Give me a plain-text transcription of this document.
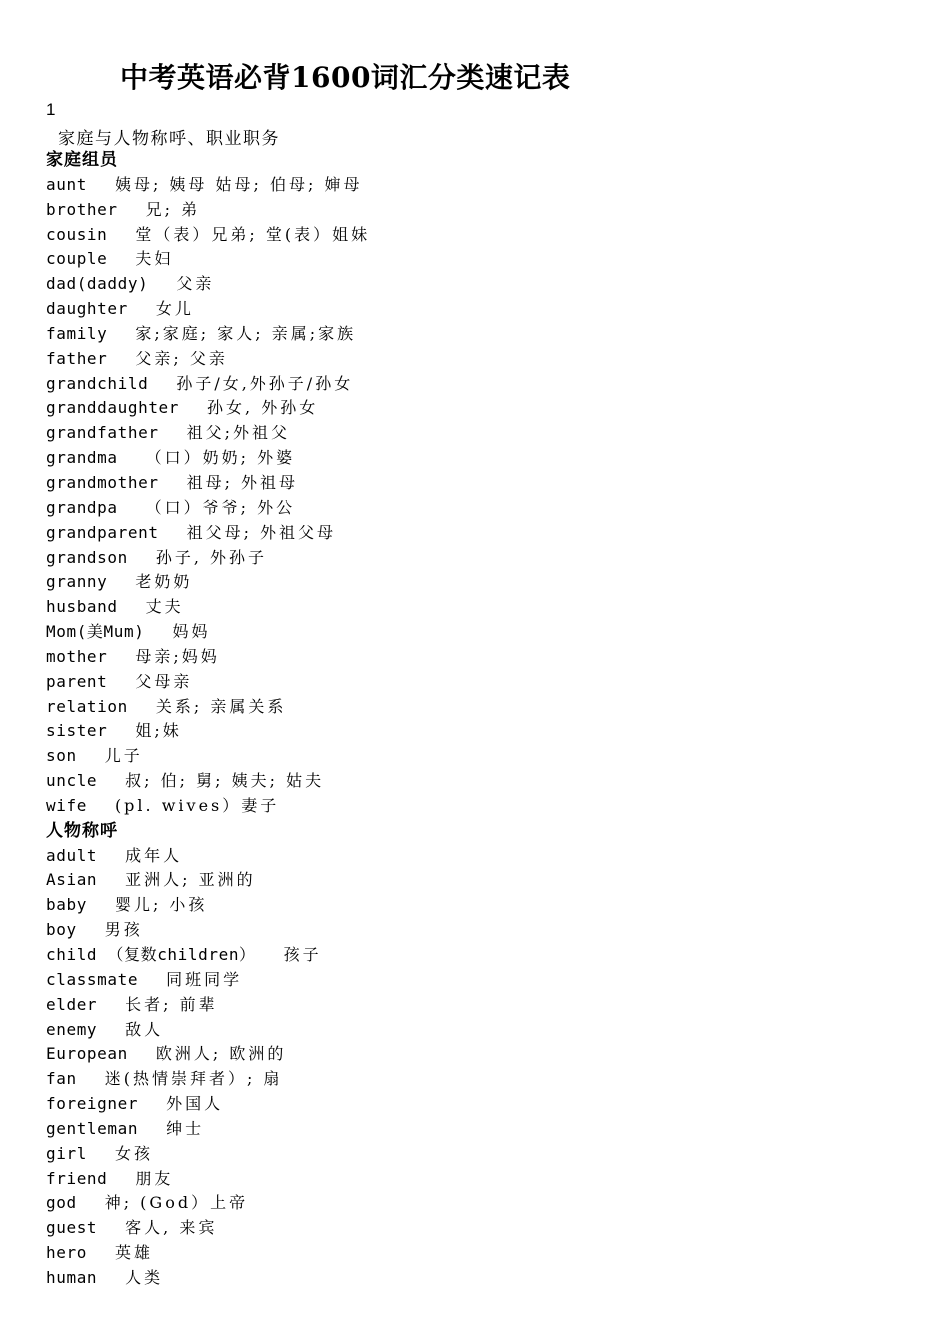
中考英语必背1600词汇分类速记表
1
家庭与人物称呼、职业职务
家庭组员
aunt 姨母; 姨母 姑母; 伯母; 婶母
brother 兄; 弟
cousin 堂（表）兄弟; 堂(表）姐妹
couple 夫妇
dad(daddy) 父亲
daughter 女儿
family 家;家庭; 家人; 亲属;家族
father 父亲; 父亲
grandchild 孙子/女,外孙子/孙女
granddaughter 孙女, 外孙女
grandfather 祖父;外祖父
grandma （口）奶奶; 外婆
grandmother 祖母; 外祖母
grandpa （口）爷爷; 外公
grandparent 祖父母; 外祖父母
grandson 孙子, 外孙子
granny 老奶奶
husband 丈夫
Mom(美Mum) 妈妈
mother 母亲;妈妈
parent 父母亲
relation 关系; 亲属关系
sister 姐;妹
son 儿子
uncle 叔; 伯; 舅; 姨夫; 姑夫
wife (pl. wives）妻子
人物称呼
adult 成年人
Asian 亚洲人; 亚洲的
baby 婴儿; 小孩
boy 男孩
child （复数children） 孩子
classmate 同班同学
elder 长者; 前辈
enemy 敌人
European 欧洲人; 欧洲的
fan 迷(热情崇拜者）; 扇
foreigner 外国人
gentleman 绅士
girl 女孩
friend 朋友
god 神; (God）上帝
guest 客人, 来宾
hero 英雄
human 人类
